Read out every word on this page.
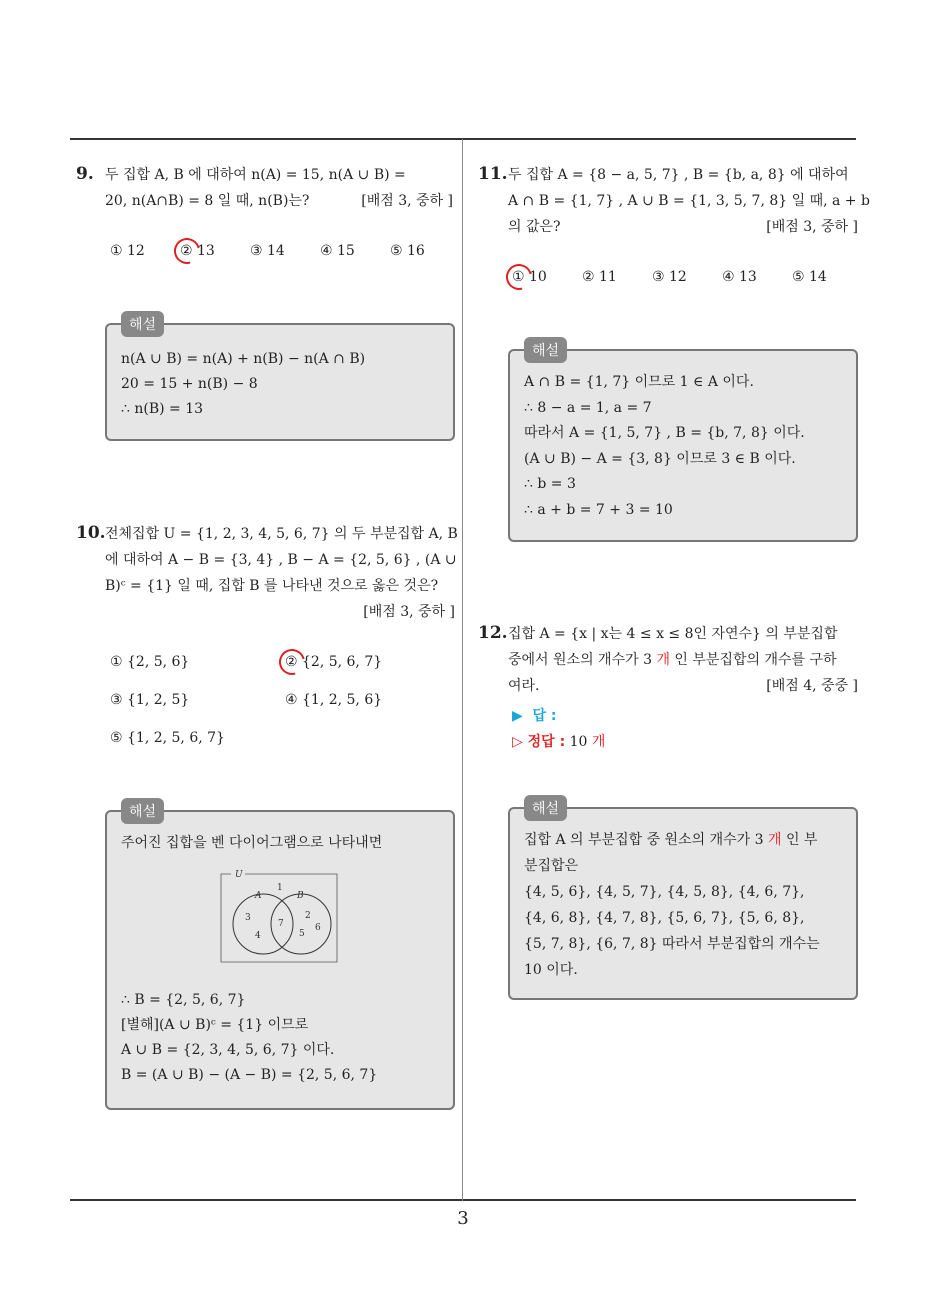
9. 두 집합 A, B 에 대하여 n(A) = 15, n(A ∪ B) =
20, n(A∩B) = 8 일 때, n(B)는?	[배점 3, 중하 ]
① 12	② 13	③ 14	④ 15	⑤ 16
해설
n(A ∪ B) = n(A) + n(B) − n(A ∩ B)
20 = 15 + n(B) − 8
∴ n(B) = 13
10. 전체집합 U = {1, 2, 3, 4, 5, 6, 7} 의 두 부분집합 A, B
에 대하여 A − B = {3, 4} , B − A = {2, 5, 6} , (A ∪
B)ᶜ = {1} 일 때, 집합 B 를 나타낸 것으로 옳은 것은?
[배점 3, 중하 ]
① {2, 5, 6}	② {2, 5, 6, 7}
③ {1, 2, 5}	④ {1, 2, 5, 6}
⑤ {1, 2, 5, 6, 7}
해설
주어진 집합을 벤 다이어그램으로 나타내면
U
A	B
1
3
4
7
2
6
5
∴ B = {2, 5, 6, 7}
[별해](A ∪ B)ᶜ = {1} 이므로
A ∪ B = {2, 3, 4, 5, 6, 7} 이다.
B = (A ∪ B) − (A − B) = {2, 5, 6, 7}
11. 두 집합 A = {8 − a, 5, 7} , B = {b, a, 8} 에 대하여
A ∩ B = {1, 7} , A ∪ B = {1, 3, 5, 7, 8} 일 때, a + b
의 값은?	[배점 3, 중하 ]
① 10	② 11	③ 12	④ 13	⑤ 14
해설
A ∩ B = {1, 7} 이므로 1 ∈ A 이다.
∴ 8 − a = 1, a = 7
따라서 A = {1, 5, 7} , B = {b, 7, 8} 이다.
(A ∪ B) − A = {3, 8} 이므로 3 ∈ B 이다.
∴ b = 3
∴ a + b = 7 + 3 = 10
12. 집합 A = {x | x는 4 ≤ x ≤ 8인 자연수} 의 부분집합
중에서 원소의 개수가 3 개 인 부분집합의 개수를 구하
여라.	[배점 4, 중중 ]
▶  답 :
▷ 정답 : 10 개
해설
집합 A 의 부분집합 중 원소의 개수가 3 개 인 부
분집합은
{4, 5, 6}, {4, 5, 7}, {4, 5, 8}, {4, 6, 7},
{4, 6, 8}, {4, 7, 8}, {5, 6, 7}, {5, 6, 8},
{5, 7, 8}, {6, 7, 8} 따라서 부분집합의 개수는
10 이다.
3
